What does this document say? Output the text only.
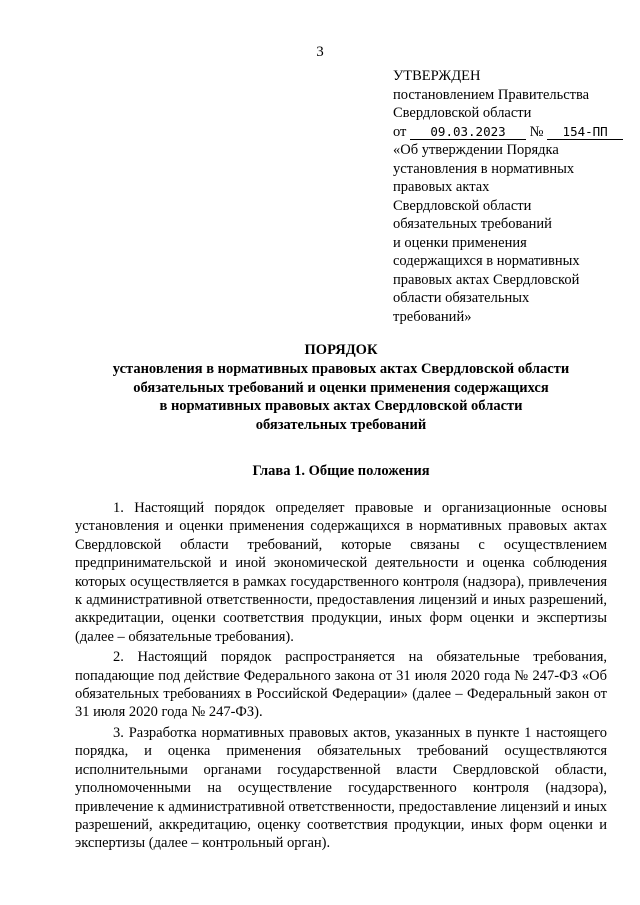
3
УТВЕРЖДЕН
постановлением Правительства
Свердловской области
от 09.03.2023 № 154-ПП
«Об утверждении Порядка
установления в нормативных
правовых актах
Свердловской области
обязательных требований
и оценки применения
содержащихся в нормативных
правовых актах Свердловской
области обязательных
требований»
ПОРЯДОК
установления в нормативных правовых актах Свердловской области
обязательных требований и оценки применения содержащихся
в нормативных правовых актах Свердловской области
обязательных требований
Глава 1. Общие положения

1. Настоящий порядок определяет правовые и организационные основы установления и оценки применения содержащихся в нормативных правовых актах Свердловской области требований, которые связаны с осуществлением предпринимательской и иной экономической деятельности и оценка соблюдения которых осуществляется в рамках государственного контроля (надзора), привлечения к административной ответственности, предоставления лицензий и иных разрешений, аккредитации, оценки соответствия продукции, иных форм оценки и экспертизы (далее – обязательные требования).

2. Настоящий порядок распространяется на обязательные требования, попадающие под действие Федерального закона от 31 июля 2020 года № 247-ФЗ «Об обязательных требованиях в Российской Федерации» (далее – Федеральный закон от 31 июля 2020 года № 247-ФЗ).

3. Разработка нормативных правовых актов, указанных в пункте 1 настоящего порядка, и оценка применения обязательных требований осуществляются исполнительными органами государственной власти Свердловской области, уполномоченными на осуществление государственного контроля (надзора), привлечение к административной ответственности, предоставление лицензий и иных разрешений, аккредитацию, оценку соответствия продукции, иных форм оценки и экспертизы (далее – контрольный орган).
